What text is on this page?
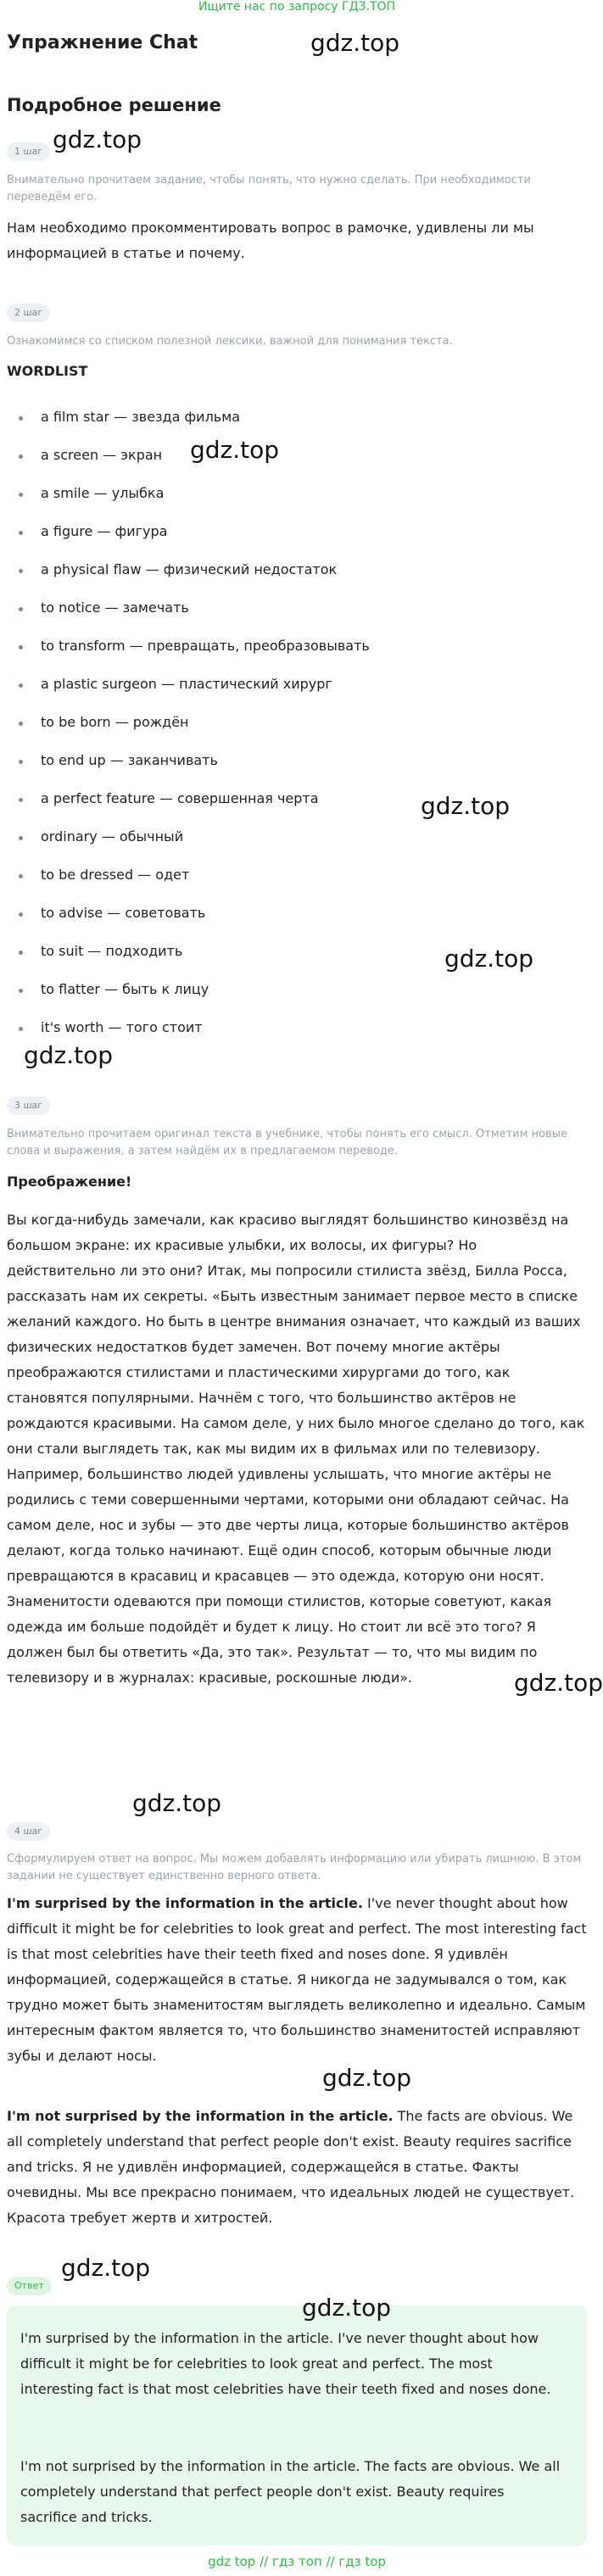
Ищите нас по запросу ГДЗ.ТОП
Упражнение Chat	gdz.top
Подробное решение
gdz.top
1 шаг
Внимательно прочитаем задание, чтобы понять, что нужно сделать. При необходимости переведём его.
Нам необходимо прокомментировать вопрос в рамочке, удивлены ли мы информацией в статье и почему.
2 шаг
Ознакомимся со списком полезной лексики, важной для понимания текста.
WORDLIST
a film star — звезда фильма
a screen — экран
a smile — улыбка
a figure — фигура
a physical flaw — физический недостаток
to notice — замечать
to transform — превращать, преобразовывать
a plastic surgeon — пластический хирург
to be born — рождён
to end up — заканчивать
a perfect feature — совершенная черта
ordinary — обычный
to be dressed — одет
to advise — советовать
to suit — подходить
to flatter — быть к лицу
it's worth — того стоит
gdz.top
gdz.top
gdz.top
gdz.top
3 шаг
Внимательно прочитаем оригинал текста в учебнике, чтобы понять его смысл. Отметим новые слова и выражения, а затем найдём их в предлагаемом переводе.
Преображение!
Вы когда-нибудь замечали, как красиво выглядят большинство кинозвёзд на большом экране: их красивые улыбки, их волосы, их фигуры? Но действительно ли это они? Итак, мы попросили стилиста звёзд, Билла Росса, рассказать нам их секреты. «Быть известным занимает первое место в списке желаний каждого. Но быть в центре внимания означает, что каждый из ваших физических недостатков будет замечен. Вот почему многие актёры преображаются стилистами и пластическими хирургами до того, как становятся популярными. Начнём с того, что большинство актёров не рождаются красивыми. На самом деле, у них было многое сделано до того, как они стали выглядеть так, как мы видим их в фильмах или по телевизору. Например, большинство людей удивлены услышать, что многие актёры не родились с теми совершенными чертами, которыми они обладают сейчас. На самом деле, нос и зубы — это две черты лица, которые большинство актёров делают, когда только начинают. Ещё один способ, которым обычные люди превращаются в красавиц и красавцев — это одежда, которую они носят. Знаменитости одеваются при помощи стилистов, которые советуют, какая одежда им больше подойдёт и будет к лицу. Но стоит ли всё это того? Я должен был бы ответить «Да, это так». Результат — то, что мы видим по телевизору и в журналах: красивые, роскошные люди».	gdz.top
gdz.top
4 шаг
Сформулируем ответ на вопрос. Мы можем добавлять информацию или убирать лишнюю. В этом задании не существует единственно верного ответа.
I'm surprised by the information in the article. I've never thought about how difficult it might be for celebrities to look great and perfect. The most interesting fact is that most celebrities have their teeth fixed and noses done. Я удивлён информацией, содержащейся в статье. Я никогда не задумывался о том, как трудно может быть знаменитостям выглядеть великолепно и идеально. Самым интересным фактом является то, что большинство знаменитостей исправляют зубы и делают носы.
gdz.top
I'm not surprised by the information in the article. The facts are obvious. We all completely understand that perfect people don't exist. Beauty requires sacrifice and tricks. Я не удивлён информацией, содержащейся в статье. Факты очевидны. Мы все прекрасно понимаем, что идеальных людей не существует. Красота требует жертв и хитростей.
gdz.top
Ответ
gdz.top
I'm surprised by the information in the article. I've never thought about how difficult it might be for celebrities to look great and perfect. The most interesting fact is that most celebrities have their teeth fixed and noses done.
I'm not surprised by the information in the article. The facts are obvious. We all completely understand that perfect people don't exist. Beauty requires sacrifice and tricks.
gdz top // гдз топ // гдз top
